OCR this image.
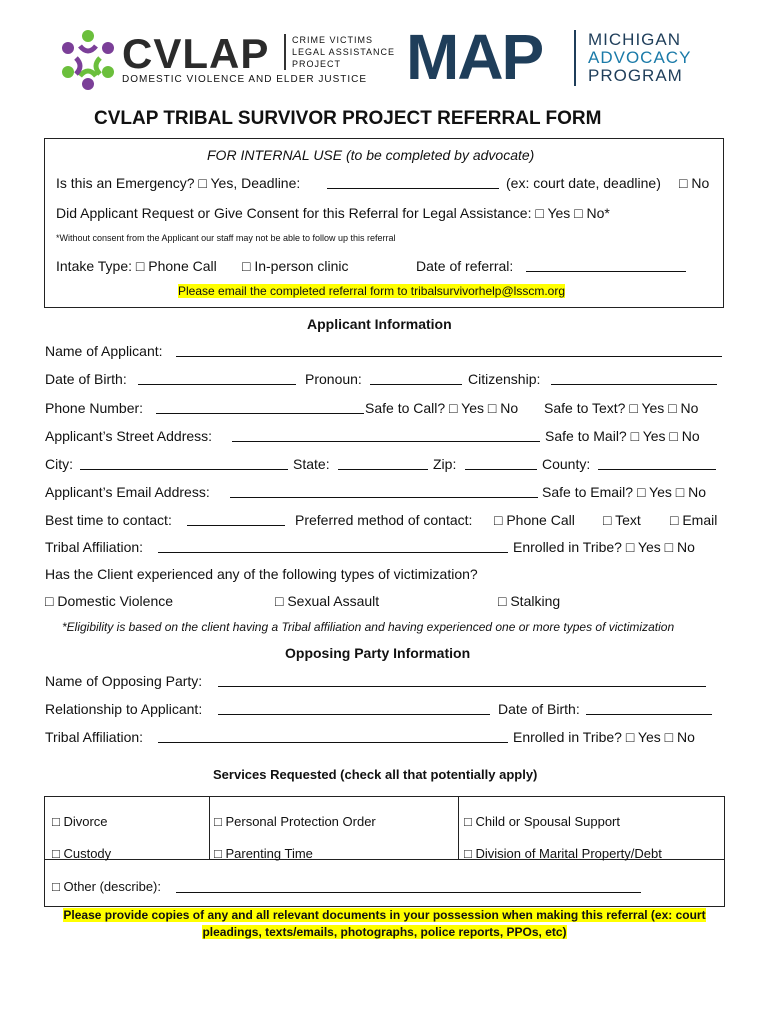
CVLAP	CRIME VICTIMS
LEGAL ASSISTANCE
PROJECT
DOMESTIC VIOLENCE AND ELDER JUSTICE MAP	MICHIGAN
ADVOCACY
PROGRAM
CVLAP TRIBAL SURVIVOR PROJECT REFERRAL FORM
FOR INTERNAL USE (to be completed by advocate)
Is this an Emergency? □ Yes, Deadline:	(ex: court date, deadline) □ No
Did Applicant Request or Give Consent for this Referral for Legal Assistance: □ Yes □ No*
*Without consent from the Applicant our staff may not be able to follow up this referral
Intake Type: □ Phone Call □ In-person clinic	Date of referral:
Please email the completed referral form to tribalsurvivorhelp@lsscm.org
Applicant Information
Name of Applicant:
Date of Birth:	Pronoun:	Citizenship:
Phone Number:	Safe to Call? □ Yes □ No Safe to Text? □ Yes □ No
Applicant’s Street Address:	Safe to Mail? □ Yes □ No
City:	State:	Zip:	County:
Applicant’s Email Address:	Safe to Email? □ Yes □ No
Best time to contact:	Preferred method of contact: □ Phone Call □ Text □ Email
Tribal Affiliation:	Enrolled in Tribe? □ Yes □ No
Has the Client experienced any of the following types of victimization?
□ Domestic Violence	□ Sexual Assault	□ Stalking
*Eligibility is based on the client having a Tribal affiliation and having experienced one or more types of victimization
Opposing Party Information
Name of Opposing Party:
Relationship to Applicant:	Date of Birth:
Tribal Affiliation:	Enrolled in Tribe? □ Yes □ No
Services Requested (check all that potentially apply)
□ Divorce	□ Personal Protection Order	□ Child or Spousal Support
□ Custody	□ Parenting Time	□ Division of Marital Property/Debt
□ Other (describe):
Please provide copies of any and all relevant documents in your possession when making this referral (ex: court pleadings, texts/emails, photographs, police reports, PPOs, etc)
